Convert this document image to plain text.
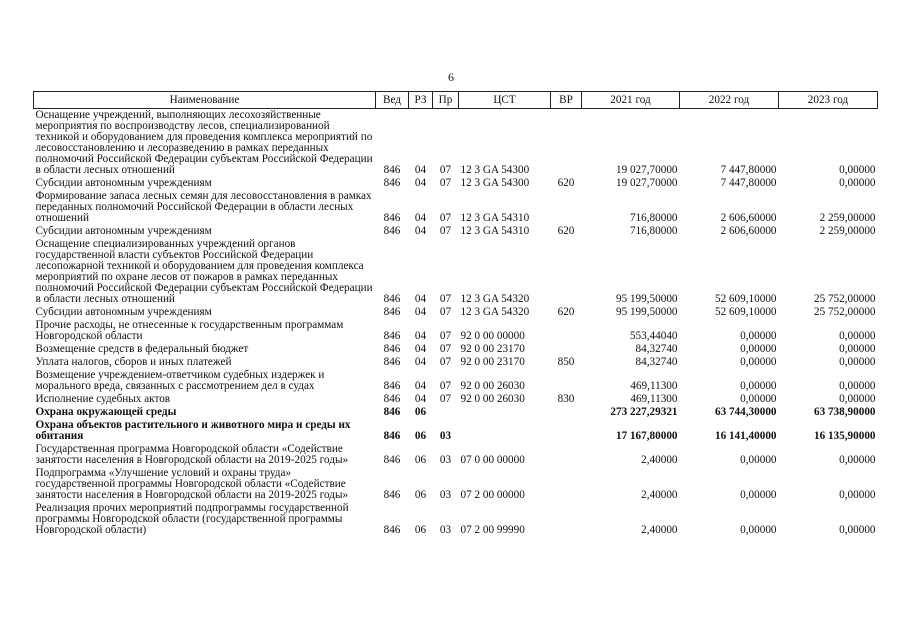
6
Наименование	Вед	РЗ	Пр	ЦСТ	ВР	2021 год	2022 год	2023 год
Оснащение учреждений, выполняющих лесохозяйственные мероприятия по воспроизводству лесов, специализированной техникой и оборудованием для проведения комплекса мероприятий по лесовосстановлению и лесоразведению в рамках переданных полномочий Российской Федерации субъектам Российской Федерации в области лесных отношений	846	04	07	12 3 GA 54300		19 027,70000	7 447,80000	0,00000
Субсидии автономным учреждениям	846	04	07	12 3 GA 54300	620	19 027,70000	7 447,80000	0,00000
Формирование запаса лесных семян для лесовосстановления в рамках переданных полномочий Российской Федерации в области лесных отношений	846	04	07	12 3 GA 54310		716,80000	2 606,60000	2 259,00000
Субсидии автономным учреждениям	846	04	07	12 3 GA 54310	620	716,80000	2 606,60000	2 259,00000
Оснащение специализированных учреждений органов государственной власти субъектов Российской Федерации лесопожарной техникой и оборудованием для проведения комплекса мероприятий по охране лесов от пожаров в рамках переданных полномочий Российской Федерации субъектам Российской Федерации в области лесных отношений	846	04	07	12 3 GA 54320		95 199,50000	52 609,10000	25 752,00000
Субсидии автономным учреждениям	846	04	07	12 3 GA 54320	620	95 199,50000	52 609,10000	25 752,00000
Прочие расходы, не отнесенные к государственным программам Новгородской области	846	04	07	92 0 00 00000		553,44040	0,00000	0,00000
Возмещение средств в федеральный бюджет	846	04	07	92 0 00 23170		84,32740	0,00000	0,00000
Уплата налогов, сборов и иных платежей	846	04	07	92 0 00 23170	850	84,32740	0,00000	0,00000
Возмещение учреждением-ответчиком судебных издержек и морального вреда, связанных с рассмотрением дел в судах	846	04	07	92 0 00 26030		469,11300	0,00000	0,00000
Исполнение судебных актов	846	04	07	92 0 00 26030	830	469,11300	0,00000	0,00000
Охрана окружающей среды	846	06				273 227,29321	63 744,30000	63 738,90000
Охрана объектов растительного и животного мира и среды их обитания	846	06	03			17 167,80000	16 141,40000	16 135,90000
Государственная программа Новгородской области «Содействие занятости населения в Новгородской области на 2019-2025 годы»	846	06	03	07 0 00 00000		2,40000	0,00000	0,00000
Подпрограмма «Улучшение условий и охраны труда» государственной программы Новгородской области «Содействие занятости населения в Новгородской области на 2019-2025 годы»	846	06	03	07 2 00 00000		2,40000	0,00000	0,00000
Реализация прочих мероприятий подпрограммы государственной программы Новгородской области (государственной программы Новгородской области)	846	06	03	07 2 00 99990		2,40000	0,00000	0,00000
